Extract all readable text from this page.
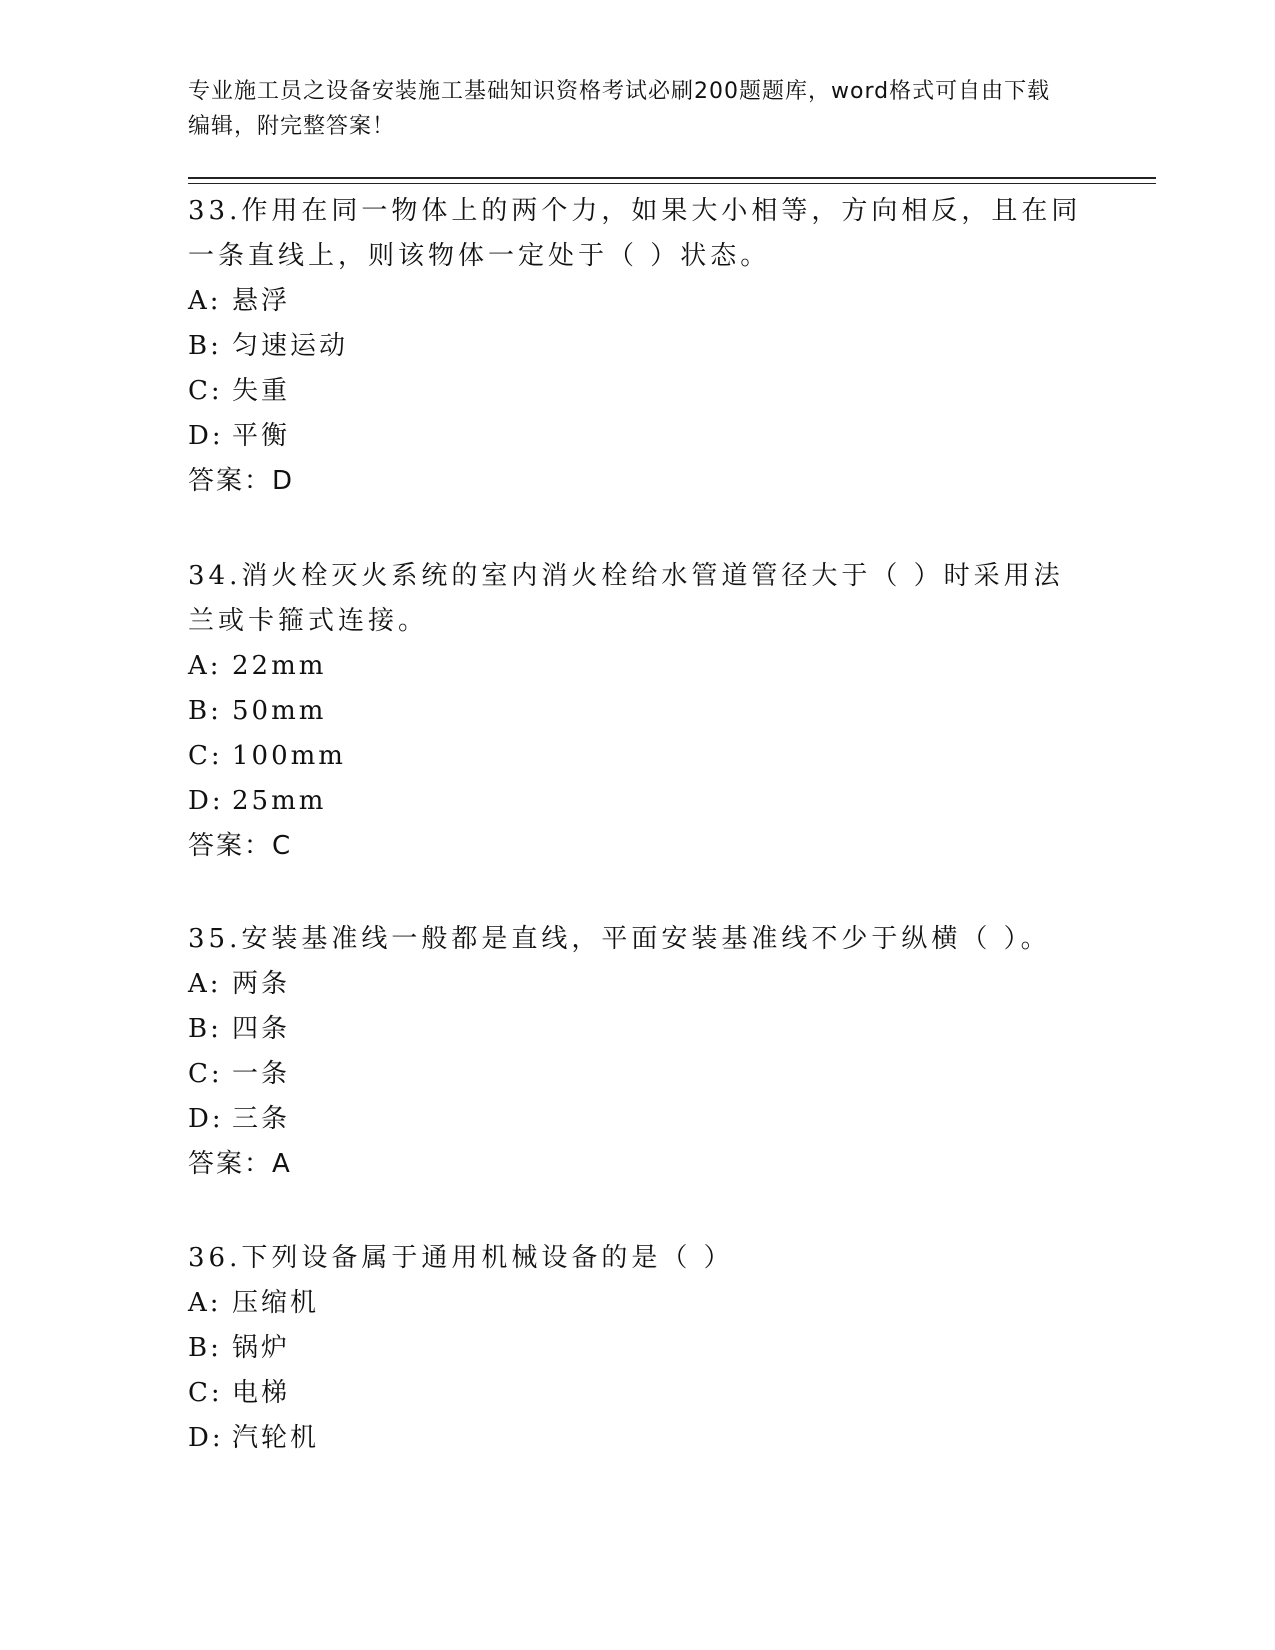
专业施工员之设备安装施工基础知识资格考试必刷200题题库，word格式可自由下载编辑，附完整答案！

33.作用在同一物体上的两个力，如果大小相等，方向相反，且在同一条直线上，则该物体一定处于（ ）状态。

A: 悬浮
B: 匀速运动
C: 失重
D: 平衡
答案：D

34.消火栓灭火系统的室内消火栓给水管道管径大于（ ）时采用法兰或卡箍式连接。

A: 22mm
B: 50mm
C: 100mm
D: 25mm
答案：C

35.安装基准线一般都是直线，平面安装基准线不少于纵横（ ）。

A: 两条
B: 四条
C: 一条
D: 三条
答案：A

36.下列设备属于通用机械设备的是（ ）

A: 压缩机
B: 锅炉
C: 电梯
D: 汽轮机
